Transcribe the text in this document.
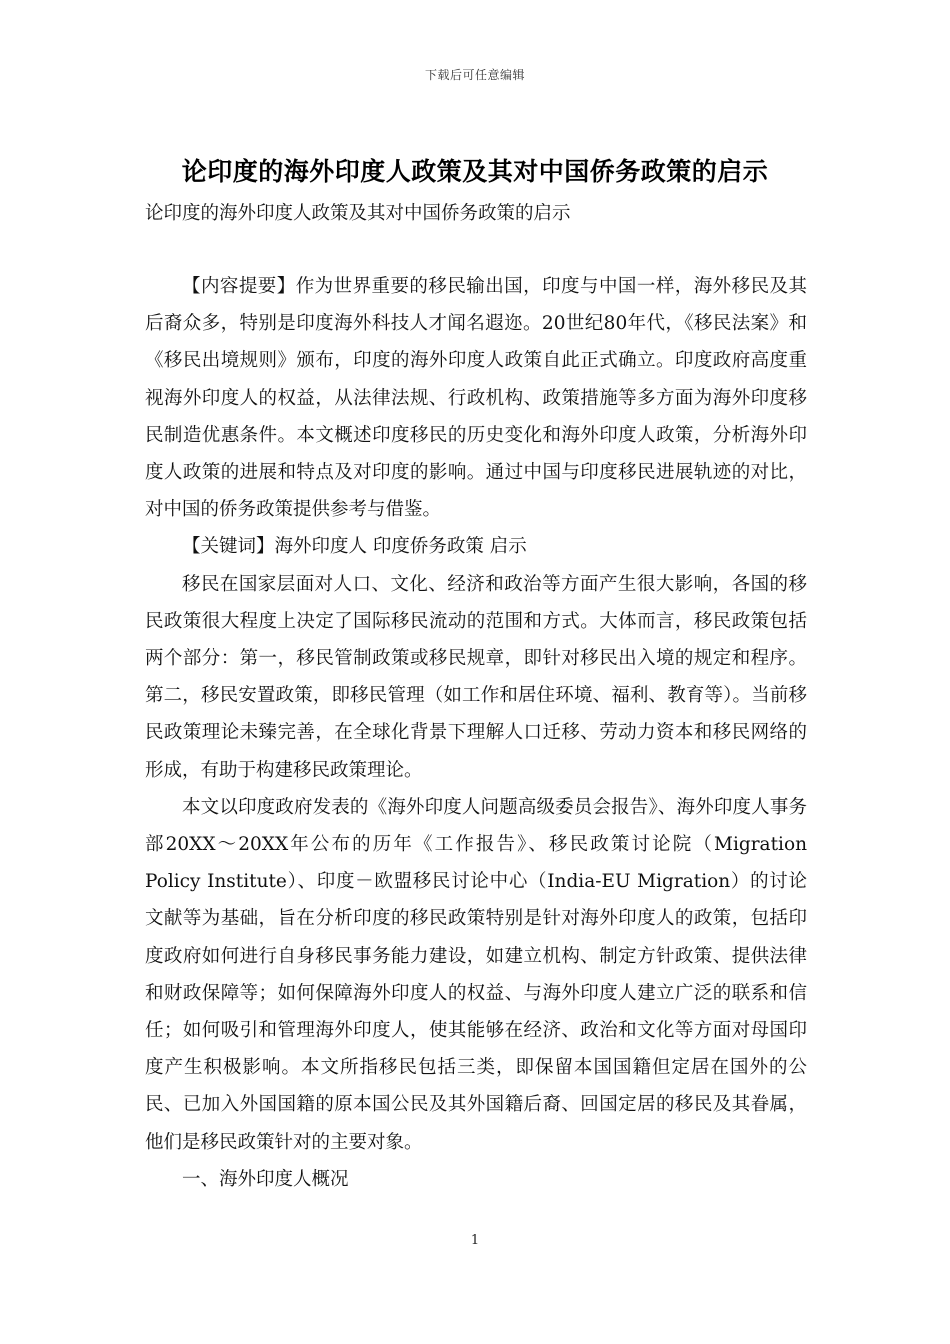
下载后可任意编辑
论印度的海外印度人政策及其对中国侨务政策的启示
论印度的海外印度人政策及其对中国侨务政策的启示

【内容提要】作为世界重要的移民输出国，印度与中国一样，海外移民及其后裔众多，特别是印度海外科技人才闻名遐迩。20世纪80年代，《移民法案》和《移民出境规则》颁布，印度的海外印度人政策自此正式确立。印度政府高度重视海外印度人的权益，从法律法规、行政机构、政策措施等多方面为海外印度移民制造优惠条件。本文概述印度移民的历史变化和海外印度人政策，分析海外印度人政策的进展和特点及对印度的影响。通过中国与印度移民进展轨迹的对比，对中国的侨务政策提供参考与借鉴。

【关键词】海外印度人 印度侨务政策 启示

移民在国家层面对人口、文化、经济和政治等方面产生很大影响，各国的移民政策很大程度上决定了国际移民流动的范围和方式。大体而言，移民政策包括两个部分：第一，移民管制政策或移民规章，即针对移民出入境的规定和程序。第二，移民安置政策，即移民管理（如工作和居住环境、福利、教育等）。当前移民政策理论未臻完善，在全球化背景下理解人口迁移、劳动力资本和移民网络的形成，有助于构建移民政策理论。

本文以印度政府发表的《海外印度人问题高级委员会报告》、海外印度人事务部20XX～20XX年公布的历年《工作报告》、移民政策讨论院（Migration Policy Institute）、印度－欧盟移民讨论中心（India-EU Migration）的讨论文献等为基础，旨在分析印度的移民政策特别是针对海外印度人的政策，包括印度政府如何进行自身移民事务能力建设，如建立机构、制定方针政策、提供法律和财政保障等；如何保障海外印度人的权益、与海外印度人建立广泛的联系和信任；如何吸引和管理海外印度人，使其能够在经济、政治和文化等方面对母国印度产生积极影响。本文所指移民包括三类，即保留本国国籍但定居在国外的公民、已加入外国国籍的原本国公民及其外国籍后裔、回国定居的移民及其眷属，他们是移民政策针对的主要对象。

一、海外印度人概况

1
